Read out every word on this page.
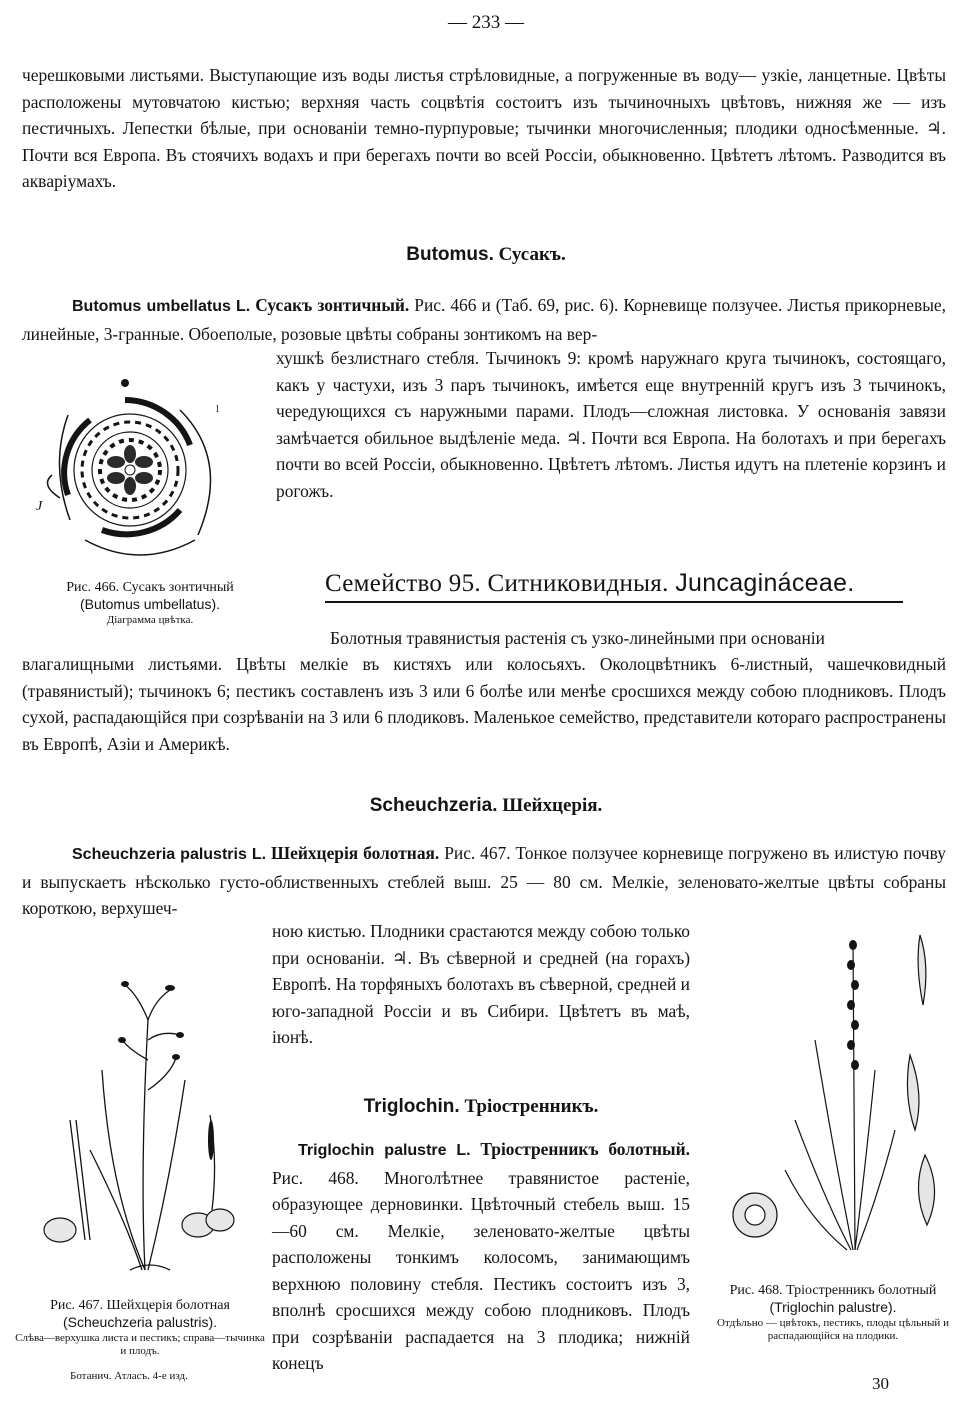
— 233 —

черешковыми листьями. Выступающие изъ воды листья стрѣловидные, а погруженные въ воду— узкіе, ланцетные. Цвѣты расположены мутовчатою кистью; верхняя часть соцвѣтія состоитъ изъ тычиночныхъ цвѣтовъ, нижняя же — изъ пестичныхъ. Лепестки бѣлые, при основаніи темно-пурпуровые; тычинки многочисленныя; плодики односѣменные. ♃. Почти вся Европа. Въ стоячихъ водахъ и при берегахъ почти во всей Россіи, обыкновенно. Цвѣтетъ лѣтомъ. Разводится въ аквaріумахъ.

Butomus. Сусакъ.

Butomus umbellatus L. Сусакъ зонтичный. Рис. 466 и (Таб. 69, рис. 6). Корневище ползучее. Листья прикорневые, линейные, 3-гранные. Обоеполые, розовые цвѣты собраны зонтикомъ на вер-

хушкѣ безлистнаго стебля. Тычинокъ 9: кромѣ наружнаго круга тычинокъ, состоящаго, какъ у частухи, изъ 3 паръ тычинокъ, имѣется еще внутренній кругъ изъ 3 тычинокъ, чередующихся съ наружными парами. Плодъ—сложная листовка. У основанія завязи замѣчается обильное выдѣленіе меда. ♃. Почти вся Европа. На болотахъ и при берегахъ почти во всей Россіи, обыкновенно. Цвѣтетъ лѣтомъ. Листья идутъ на плетеніе корзинъ и рогожъ.

J
l
Рис. 466. Сусакъ зонтичный
(Butomus umbellatus).
Діаграмма цвѣтка.
Семейство 95. Ситниковидныя. Juncaginácеае.

Болотныя травянистыя растенія съ узко-линейными при основаніи

влагалищными листьями. Цвѣты мелкіе въ кистяхъ или колосьяхъ. Околоцвѣтникъ 6-листный, чашечковидный (травянистый); тычинокъ 6; пестикъ составленъ изъ 3 или 6 болѣе или менѣе сросшихся между собою плодниковъ. Плодъ сухой, распадающійся при созрѣваніи на 3 или 6 плодиковъ. Маленькое семейство, представители котораго распространены въ Европѣ, Азіи и Америкѣ.

Scheuchzeria. Шейхцерія.

Scheuchzeria palustris L. Шейхцерія болотная. Рис. 467. Тонкое ползучее корневище погружено въ илистую почву и выпускаетъ нѣсколько густо-облиственныхъ стеблей выш. 25 — 80 см. Мелкіе, зеленовато-желтые цвѣты собраны короткою, верхушеч-

ною кистью. Плодники срастаются между собою только при основаніи. ♃. Въ сѣверной и средней (на горахъ) Европѣ. На торфяныхъ болотахъ въ сѣверной, средней и юго-западной Россіи и въ Сибири. Цвѣтетъ въ маѣ, іюнѣ.

Рис. 467. Шейхцерія болотная
(Scheuchzeria palustris).
Слѣва—верхушка листа и пестикъ; справа—тычинка и плодъ.
Ботанич. Атласъ. 4-е изд.
Triglochin. Тріостренникъ.

Triglochin palustre L. Тріостренникъ болотный. Рис. 468. Многолѣтнее травянистое растеніе, образующее дерновинки. Цвѣточный стебель выш. 15—60 см. Мелкіе, зеленовато-желтые цвѣты расположены тонкимъ колосомъ, занимающимъ верхнюю половину стебля. Пестикъ состоитъ изъ 3, вполнѣ сросшихся между собою плодниковъ. Плодъ при созрѣваніи распадается на 3 плодика; нижній конецъ

Рис. 468. Тріостренникъ болотный
(Triglochin palustre).
Отдѣльно — цвѣтокъ, пестикъ, плоды цѣльный и распадающійся на плодики.
30
